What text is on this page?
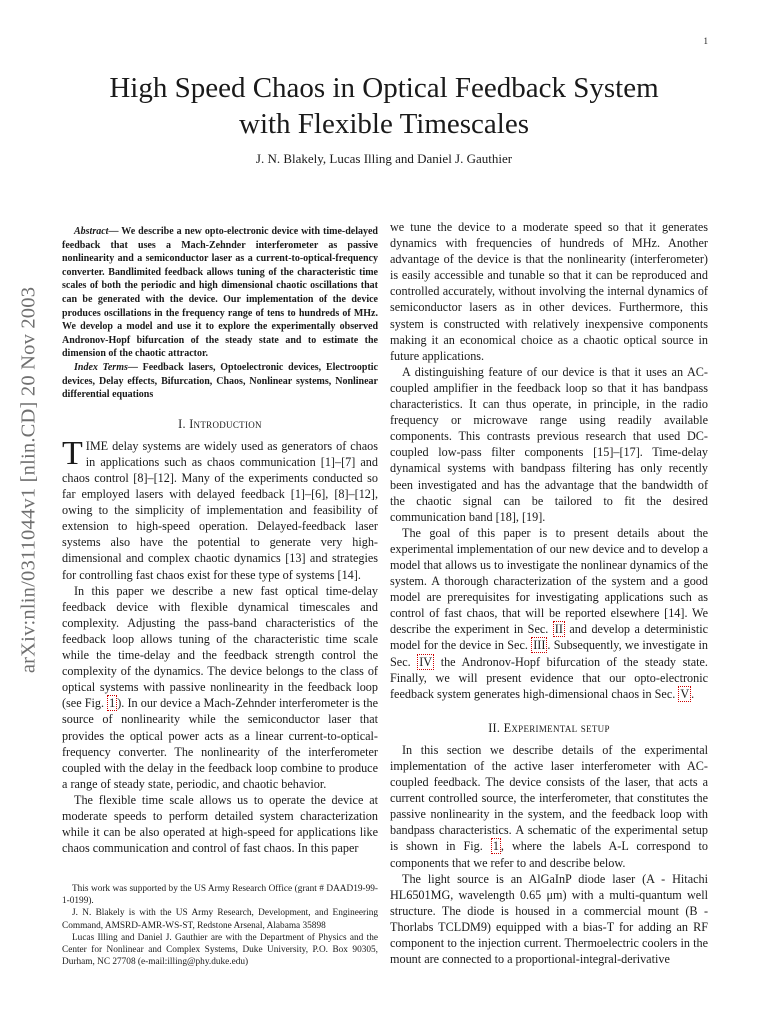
1
arXiv:nlin/0311044v1 [nlin.CD] 20 Nov 2003
High Speed Chaos in Optical Feedback System
with Flexible Timescales
J. N. Blakely, Lucas Illing and Daniel J. Gauthier

Abstract— We describe a new opto-electronic device with time-delayed feedback that uses a Mach-Zehnder interferometer as passive nonlinearity and a semiconductor laser as a current-to-optical-frequency converter. Bandlimited feedback allows tuning of the characteristic time scales of both the periodic and high dimensional chaotic oscillations that can be generated with the device. Our implementation of the device produces oscillations in the frequency range of tens to hundreds of MHz. We develop a model and use it to explore the experimentally observed Andronov-Hopf bifurcation of the steady state and to estimate the dimension of the chaotic attractor.

Index Terms— Feedback lasers, Optoelectronic devices, Electrooptic devices, Delay effects, Bifurcation, Chaos, Nonlinear systems, Nonlinear differential equations

I. Introduction

TIME delay systems are widely used as generators of chaos in applications such as chaos communication [1]–[7] and chaos control [8]–[12]. Many of the experiments conducted so far employed lasers with delayed feedback [1]–[6], [8]–[12], owing to the simplicity of implementation and feasibility of extension to high-speed operation. Delayed-feedback laser systems also have the potential to generate very high-dimensional and complex chaotic dynamics [13] and strategies for controlling fast chaos exist for these type of systems [14].

In this paper we describe a new fast optical time-delay feedback device with flexible dynamical timescales and complexity. Adjusting the pass-band characteristics of the feedback loop allows tuning of the characteristic time scale while the time-delay and the feedback strength control the complexity of the dynamics. The device belongs to the class of optical systems with passive nonlinearity in the feedback loop (see Fig. 1 ). In our device a Mach-Zehnder interferometer is the source of nonlinearity while the semiconductor laser that provides the optical power acts as a linear current-to-optical-frequency converter. The nonlinearity of the interferometer coupled with the delay in the feedback loop combine to produce a range of steady state, periodic, and chaotic behavior.

The flexible time scale allows us to operate the device at moderate speeds to perform detailed system characterization while it can be also operated at high-speed for applications like chaos communication and control of fast chaos. In this paper

we tune the device to a moderate speed so that it generates dynamics with frequencies of hundreds of MHz. Another advantage of the device is that the nonlinearity (interferometer) is easily accessible and tunable so that it can be reproduced and controlled accurately, without involving the internal dynamics of semiconductor lasers as in other devices. Furthermore, this system is constructed with relatively inexpensive components making it an economical choice as a chaotic optical source in future applications.

A distinguishing feature of our device is that it uses an AC-coupled amplifier in the feedback loop so that it has bandpass characteristics. It can thus operate, in principle, in the radio frequency or microwave range using readily available components. This contrasts previous research that used DC-coupled low-pass filter components [15]–[17]. Time-delay dynamical systems with bandpass filtering has only recently been investigated and has the advantage that the bandwidth of the chaotic signal can be tailored to fit the desired communication band [18], [19].

The goal of this paper is to present details about the experimental implementation of our new device and to develop a model that allows us to investigate the nonlinear dynamics of the system. A thorough characterization of the system and a good model are prerequisites for investigating applications such as control of fast chaos, that will be reported elsewhere [14]. We describe the experiment in Sec. II and develop a deterministic model for the device in Sec. III . Subsequently, we investigate in Sec. IV the Andronov-Hopf bifurcation of the steady state. Finally, we will present evidence that our opto-electronic feedback system generates high-dimensional chaos in Sec. V .

II. Experimental setup

In this section we describe details of the experimental implementation of the active laser interferometer with AC-coupled feedback. The device consists of the laser, that acts a current controlled source, the interferometer, that constitutes the passive nonlinearity in the system, and the feedback loop with bandpass characteristics. A schematic of the experimental setup is shown in Fig. 1 , where the labels A-L correspond to components that we refer to and describe below.

The light source is an AlGaInP diode laser (A - Hitachi HL6501MG, wavelength 0.65 μm) with a multi-quantum well structure. The diode is housed in a commercial mount (B - Thorlabs TCLDM9) equipped with a bias-T for adding an RF component to the injection current. Thermoelectric coolers in the mount are connected to a proportional-integral-derivative

This work was supported by the US Army Research Office (grant # DAAD19-99-1-0199).

J. N. Blakely is with the US Army Research, Development, and Engineering Command, AMSRD-AMR-WS-ST, Redstone Arsenal, Alabama 35898

Lucas Illing and Daniel J. Gauthier are with the Department of Physics and the Center for Nonlinear and Complex Systems, Duke University, P.O. Box 90305, Durham, NC 27708 (e-mail:illing@phy.duke.edu)
